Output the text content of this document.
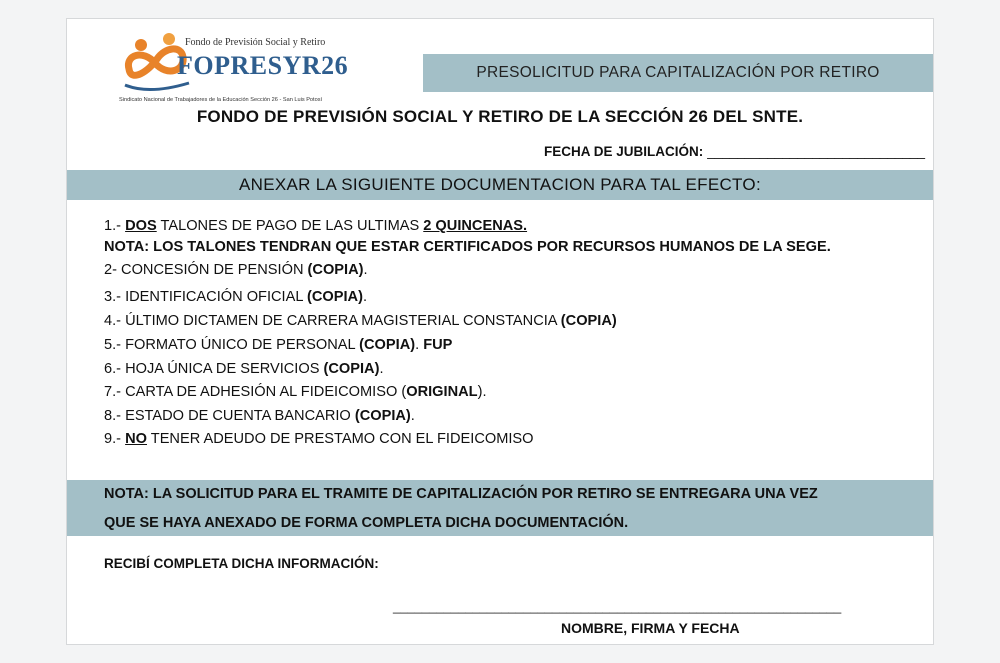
Fondo de Previsión Social y Retiro
FOPRESYR26
Sindicato Nacional de Trabajadores de la Educación Sección 26 - San Luis Potosí
PRESOLICITUD PARA CAPITALIZACIÓN POR RETIRO
FONDO DE PREVISIÓN SOCIAL Y RETIRO DE LA SECCIÓN 26 DEL SNTE.
FECHA DE JUBILACIÓN: _____________________________
ANEXAR LA SIGUIENTE DOCUMENTACION PARA TAL EFECTO:
1.- DOS TALONES DE PAGO DE LAS ULTIMAS 2 QUINCENAS.
NOTA: LOS TALONES TENDRAN QUE ESTAR CERTIFICADOS POR RECURSOS HUMANOS DE LA SEGE.
2- CONCESIÓN DE PENSIÓN (COPIA).
3.- IDENTIFICACIÓN OFICIAL (COPIA).
4.- ÚLTIMO DICTAMEN DE CARRERA MAGISTERIAL CONSTANCIA (COPIA)
5.- FORMATO ÚNICO DE PERSONAL (COPIA). FUP
6.- HOJA ÚNICA DE SERVICIOS (COPIA).
7.- CARTA DE ADHESIÓN AL FIDEICOMISO (ORIGINAL).
8.- ESTADO DE CUENTA BANCARIO (COPIA).
9.- NO TENER ADEUDO DE PRESTAMO CON EL FIDEICOMISO
NOTA: LA SOLICITUD PARA EL TRAMITE DE CAPITALIZACIÓN POR RETIRO SE ENTREGARA UNA VEZ
QUE SE HAYA ANEXADO DE FORMA COMPLETA DICHA DOCUMENTACIÓN.
RECIBÍ COMPLETA DICHA INFORMACIÓN:
______________________________________________________________
NOMBRE, FIRMA Y FECHA
